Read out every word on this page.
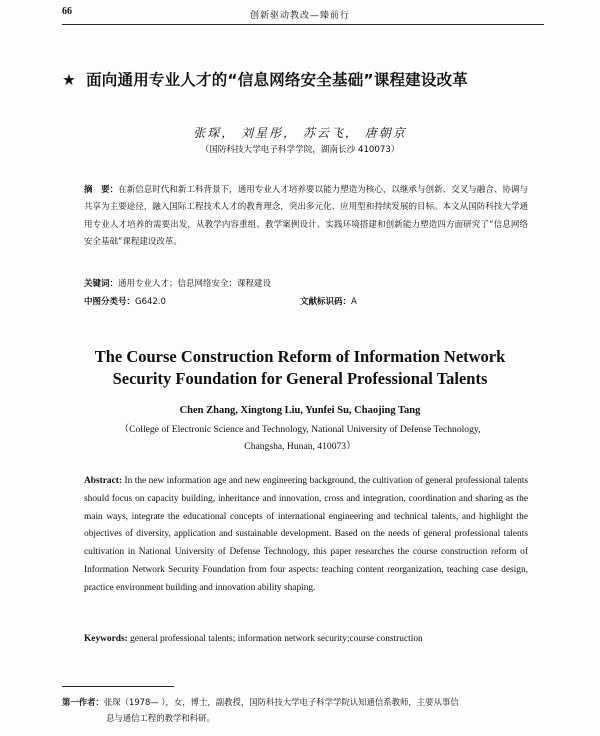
66	创新驱动教改—臻前行
★ 面向通用专业人才的“信息网络安全基础”课程建设改革
张琛， 刘星彤， 苏云飞， 唐朝京
（国防科技大学电子科学学院，湖南长沙 410073）
摘　要：在新信息时代和新工科背景下，通用专业人才培养要以能力塑造为核心，以继承与创新、交叉与融合、协调与共享为主要途径，融入国际工程技术人才的教育理念，突出多元化、应用型和持续发展的目标。本文从国防科技大学通用专业人才培养的需要出发，从教学内容重组、教学案例设计、实践环境搭建和创新能力塑造四方面研究了“信息网络安全基础”课程建设改革。
关键词：通用专业人才；信息网络安全；课程建设
中图分类号：G642.0	文献标识码：A
The Course Construction Reform of Information Network
Security Foundation for General Professional Talents
Chen Zhang, Xingtong Liu, Yunfei Su, Chaojing Tang
（College of Electronic Science and Technology, National University of Defense Technology,
Changsha, Hunan, 410073）
Abstract: In the new information age and new engineering background, the cultivation of general professional talents should focus on capacity building, inheritance and innovation, cross and integration, coordination and sharing as the main ways, integrate the educational concepts of international engineering and technical talents, and highlight the objectives of diversity, application and sustainable development. Based on the needs of general professional talents cultivation in National University of Defense Technology, this paper researches the course construction reform of Information Network Security Foundation from four aspects: teaching content reorganization, teaching case design, practice environment building and innovation ability shaping.
Keywords: general professional talents; information network security;course construction
第一作者：张琛（1978— ），女，博士，副教授，国防科技大学电子科学学院认知通信系教师，主要从事信
息与通信工程的教学和科研。
